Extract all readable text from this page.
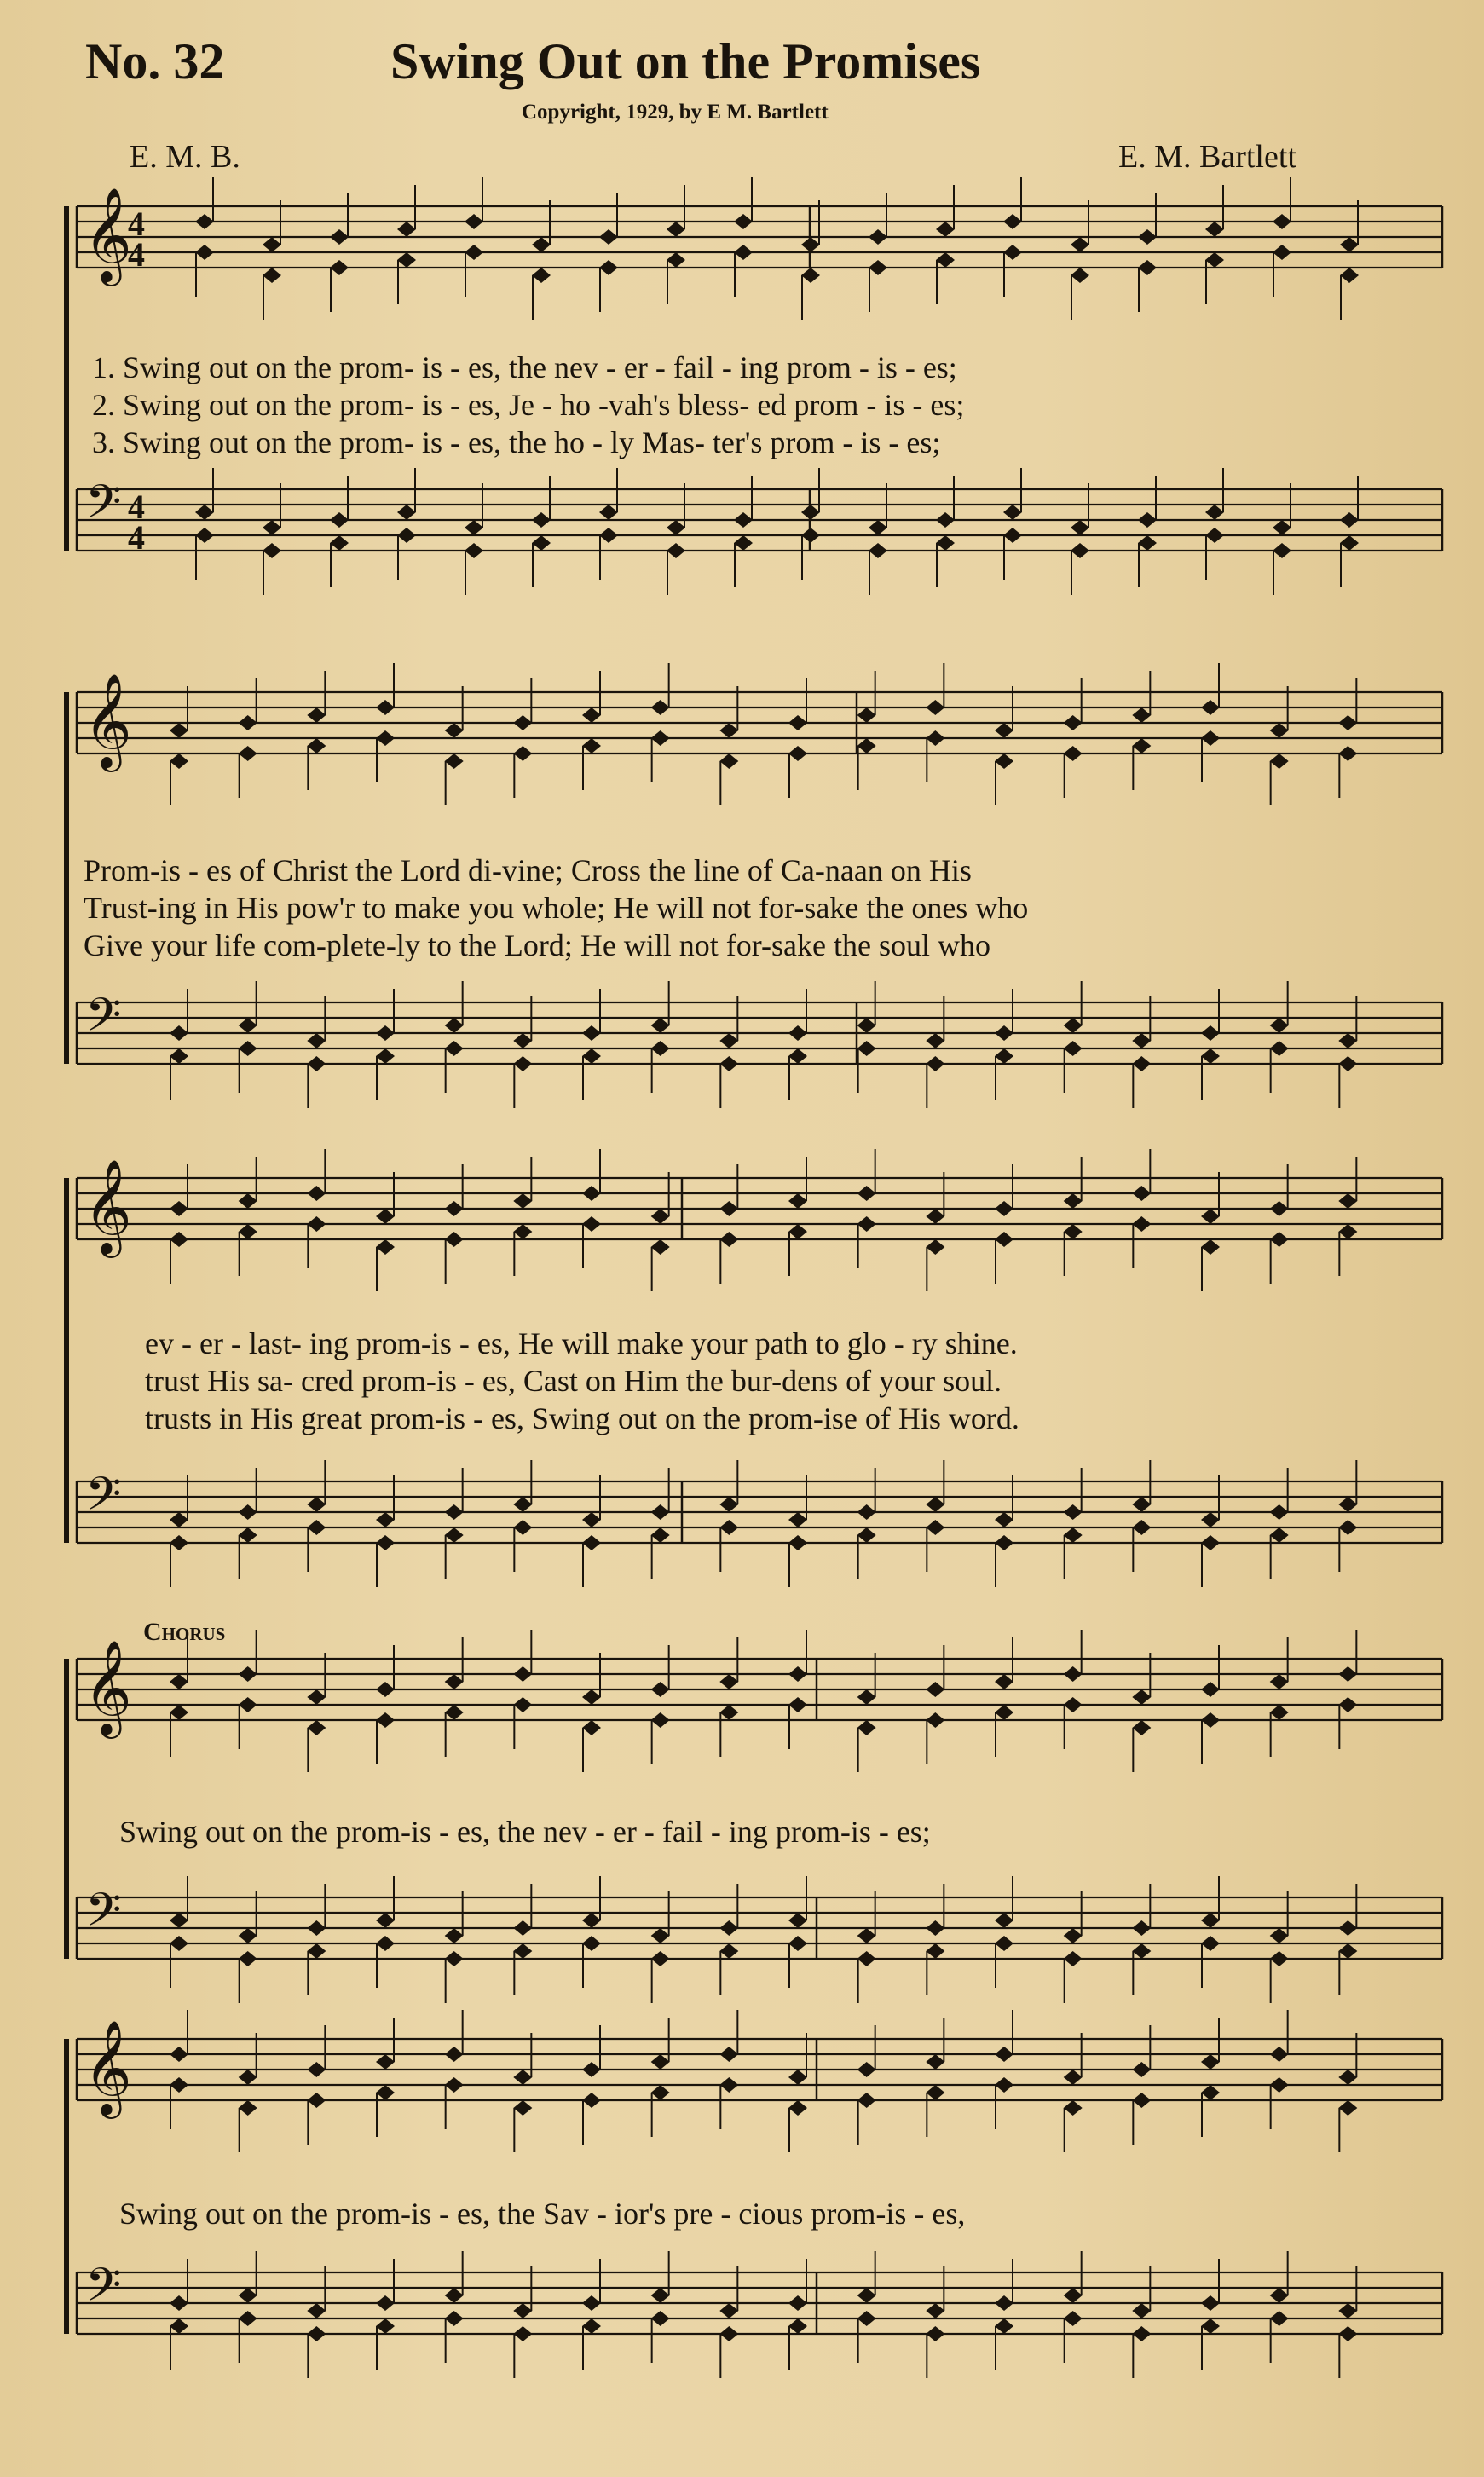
No. 32	Swing Out on the Promises
Copyright, 1929, by E M. Bartlett
E. M. B.	E. M. Bartlett
𝄞
𝄢
𝄞
𝄢
𝄞
𝄢
𝄞
𝄢
𝄞
𝄢
4
4
4
4
1. Swing out on the prom- is - es, the nev - er - fail - ing prom - is - es;
2. Swing out on the prom- is - es, Je - ho -vah's bless- ed prom - is - es;
3. Swing out on the prom- is - es, the ho - ly Mas- ter's prom - is - es;
Prom-is - es of Christ the Lord di-vine; Cross the line of Ca-naan on His
Trust-ing in His pow'r to make you whole; He will not for-sake the ones who
Give your life com-plete-ly to the Lord; He will not for-sake the soul who
ev - er - last- ing prom-is - es, He will make your path to glo - ry shine.
trust His sa- cred prom-is - es, Cast on Him the bur-dens of your soul.
trusts in His great prom-is - es, Swing out on the prom-ise of His word.
Chorus
Swing out on the prom-is - es, the nev - er - fail - ing prom-is - es;
Swing out on the prom-is - es, the Sav - ior's pre - cious prom-is - es,
